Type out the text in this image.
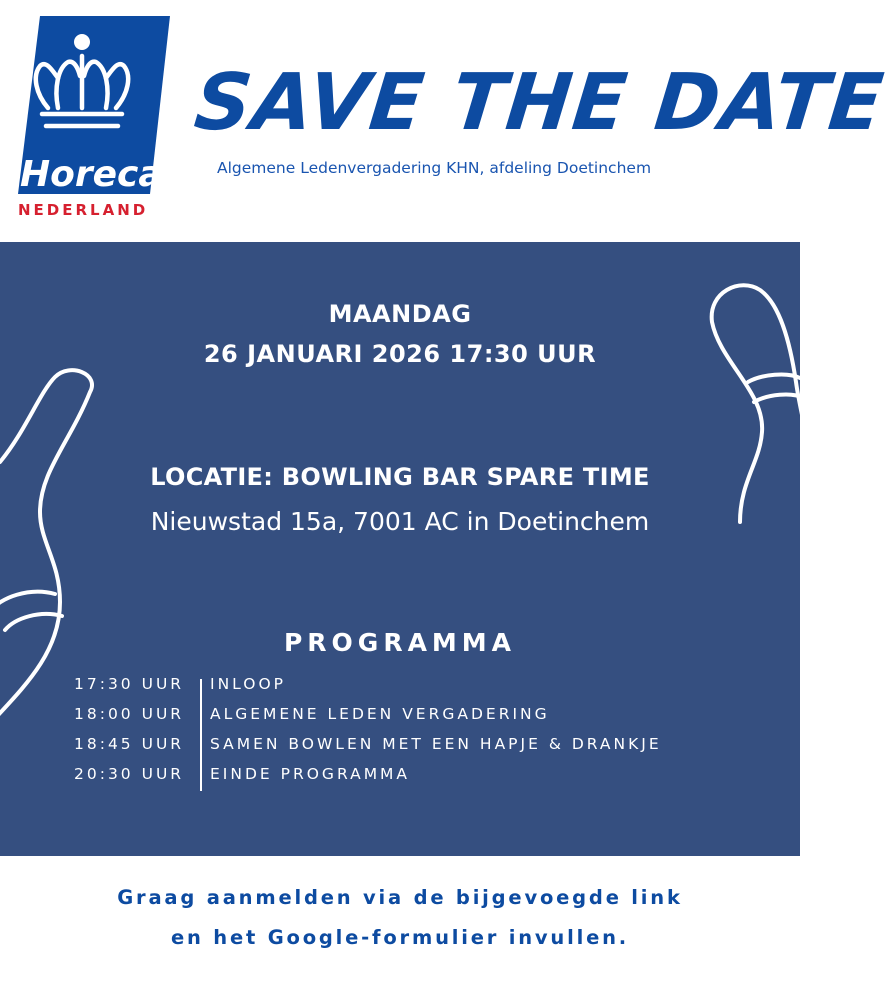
Horeca
NEDERLAND
SAVE THE DATE
Algemene Ledenvergadering KHN, afdeling Doetinchem
MAANDAG
26 JANUARI 2026 17:30 UUR
LOCATIE: BOWLING BAR SPARE TIME
Nieuwstad 15a, 7001 AC in Doetinchem
PROGRAMMA
17:30 UUR INLOOP
18:00 UUR ALGEMENE LEDEN VERGADERING
18:45 UUR SAMEN BOWLEN MET EEN HAPJE & DRANKJE
20:30 UUR EINDE PROGRAMMA
Graag aanmelden via de bijgevoegde link
en het Google-formulier invullen.
